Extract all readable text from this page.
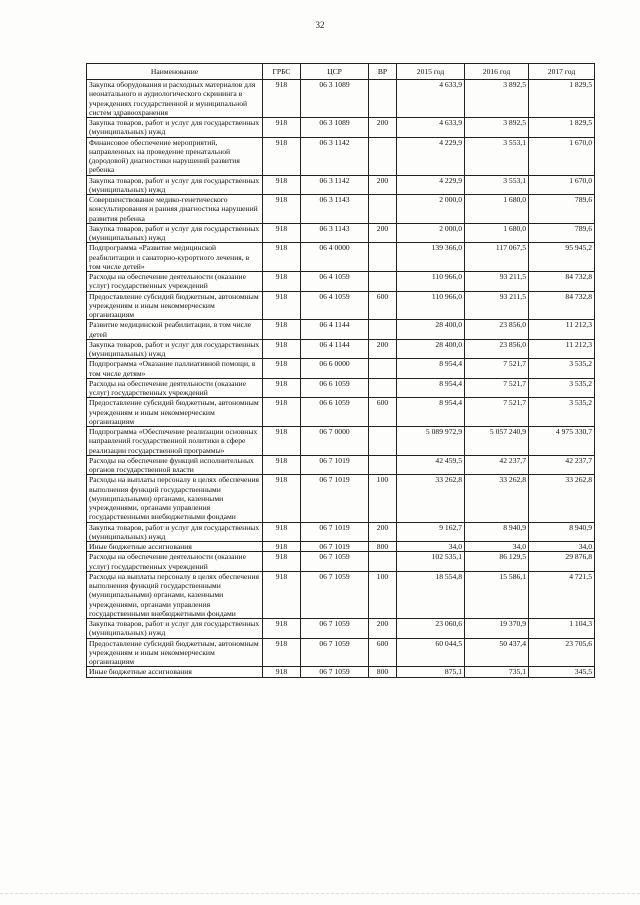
32
Наименование	ГРБС	ЦСР	ВР	2015 год	2016 год	2017 год
Закупка оборудования и расходных материалов для неонатального и аудиологического скрининга в учреждениях государственной и муниципальной систем здравоохранения	918	06 3 1089		4 633,9	3 892,5	1 829,5
Закупка товаров, работ и услуг для государственных (муниципальных) нужд	918	06 3 1089	200	4 633,9	3 892,5	1 829,5
Финансовое обеспечение мероприятий, направленных на проведение пренатальной (дородовой) диагностики нарушений развития ребенка	918	06 3 1142		4 229,9	3 553,1	1 670,0
Закупка товаров, работ и услуг для государственных (муниципальных) нужд	918	06 3 1142	200	4 229,9	3 553,1	1 670,0
Совершенствование медико-генетического консультирования и ранняя диагностика нарушений развития ребенка	918	06 3 1143		2 000,0	1 680,0	789,6
Закупка товаров, работ и услуг для государственных (муниципальных) нужд	918	06 3 1143	200	2 000,0	1 680,0	789,6
Подпрограмма «Развитие медицинской реабилитации и санаторно-курортного лечения, в том числе детей»	918	06 4 0000		139 366,0	117 067,5	95 945,2
Расходы на обеспечение деятельности (оказание услуг) государственных учреждений	918	06 4 1059		110 966,0	93 211,5	84 732,8
Предоставление субсидий бюджетным, автономным учреждениям и иным некоммерческим организациям	918	06 4 1059	600	110 966,0	93 211,5	84 732,8
Развитие медицинской реабилитации, в том числе детей	918	06 4 1144		28 400,0	23 856,0	11 212,3
Закупка товаров, работ и услуг для государственных (муниципальных) нужд	918	06 4 1144	200	28 400,0	23 856,0	11 212,3
Подпрограмма «Оказание паллиативной помощи, в том числе детям»	918	06 6 0000		8 954,4	7 521,7	3 535,2
Расходы на обеспечение деятельности (оказание услуг) государственных учреждений	918	06 6 1059		8 954,4	7 521,7	3 535,2
Предоставление субсидий бюджетным, автономным учреждениям и иным некоммерческим организациям	918	06 6 1059	600	8 954,4	7 521,7	3 535,2
Подпрограмма «Обеспечение реализации основных направлений государственной политики в сфере реализации государственной программы»	918	06 7 0000		5 089 972,9	5 057 240,9	4 975 330,7
Расходы на обеспечение функций исполнительных органов государственной власти	918	06 7 1019		42 459,5	42 237,7	42 237,7
Расходы на выплаты персоналу в целях обеспечения выполнения функций государственными (муниципальными) органами, казенными учреждениями, органами управления государственными внебюджетными фондами	918	06 7 1019	100	33 262,8	33 262,8	33 262,8
Закупка товаров, работ и услуг для государственных (муниципальных) нужд	918	06 7 1019	200	9 162,7	8 940,9	8 940,9
Иные бюджетные ассигнования	918	06 7 1019	800	34,0	34,0	34,0
Расходы на обеспечение деятельности (оказание услуг) государственных учреждений	918	06 7 1059		102 535,1	86 129,5	29 876,8
Расходы на выплаты персоналу в целях обеспечения выполнения функций государственными (муниципальными) органами, казенными учреждениями, органами управления государственными внебюджетными фондами	918	06 7 1059	100	18 554,8	15 586,1	4 721,5
Закупка товаров, работ и услуг для государственных (муниципальных) нужд	918	06 7 1059	200	23 060,6	19 370,9	1 104,3
Предоставление субсидий бюджетным, автономным учреждениям и иным некоммерческим организациям	918	06 7 1059	600	60 044,5	50 437,4	23 705,6
Иные бюджетные ассигнования	918	06 7 1059	800	875,1	735,1	345,5
